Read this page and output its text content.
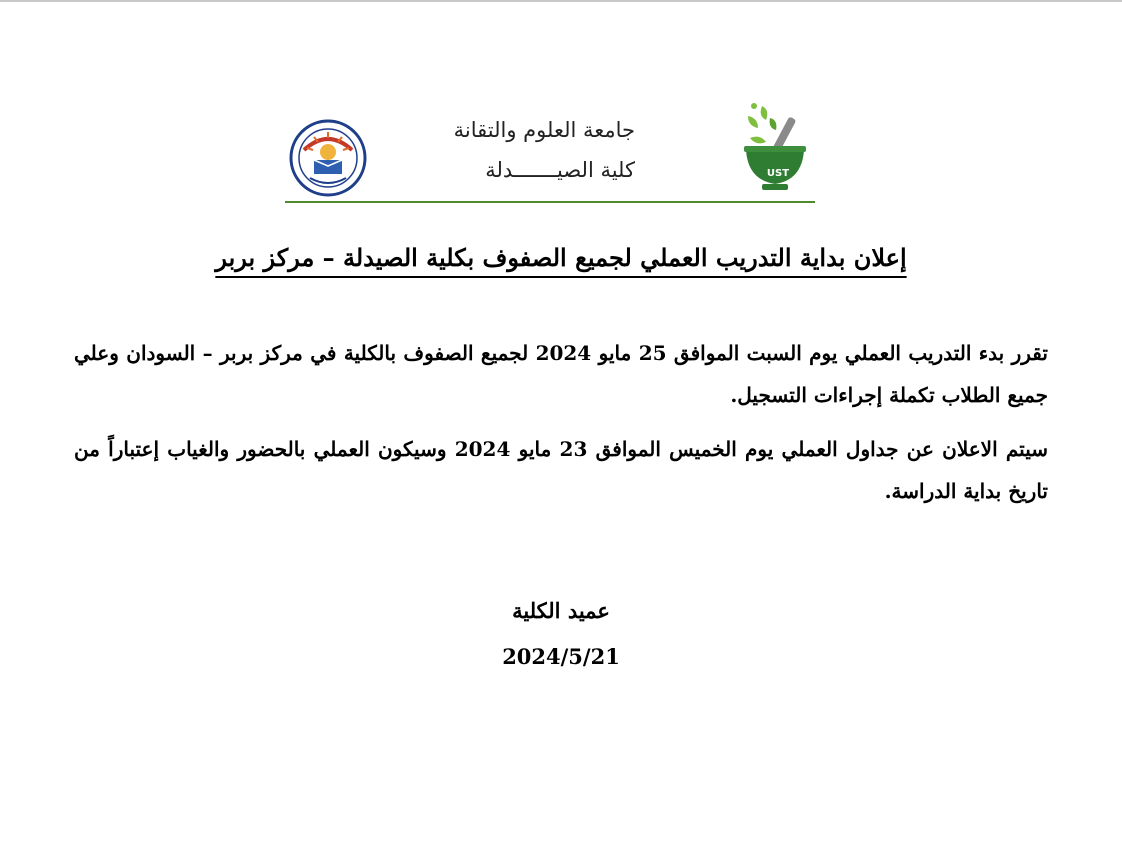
جامعة العلوم والتقانة
كلية الصيـــــــدلة	UST
إعلان بداية التدريب العملي لجميع الصفوف بكلية الصيدلة – مركز بربر

تقرر بدء التدريب العملي يوم السبت الموافق 25 مايو 2024 لجميع الصفوف بالكلية في مركز بربر – السودان وعلي جميع الطلاب تكملة إجراءات التسجيل.

سيتم الاعلان عن جداول العملي يوم الخميس الموافق 23 مايو 2024 وسيكون العملي بالحضور والغياب إعتباراً من تاريخ بداية الدراسة.

عميد الكلية
2024/5/21
